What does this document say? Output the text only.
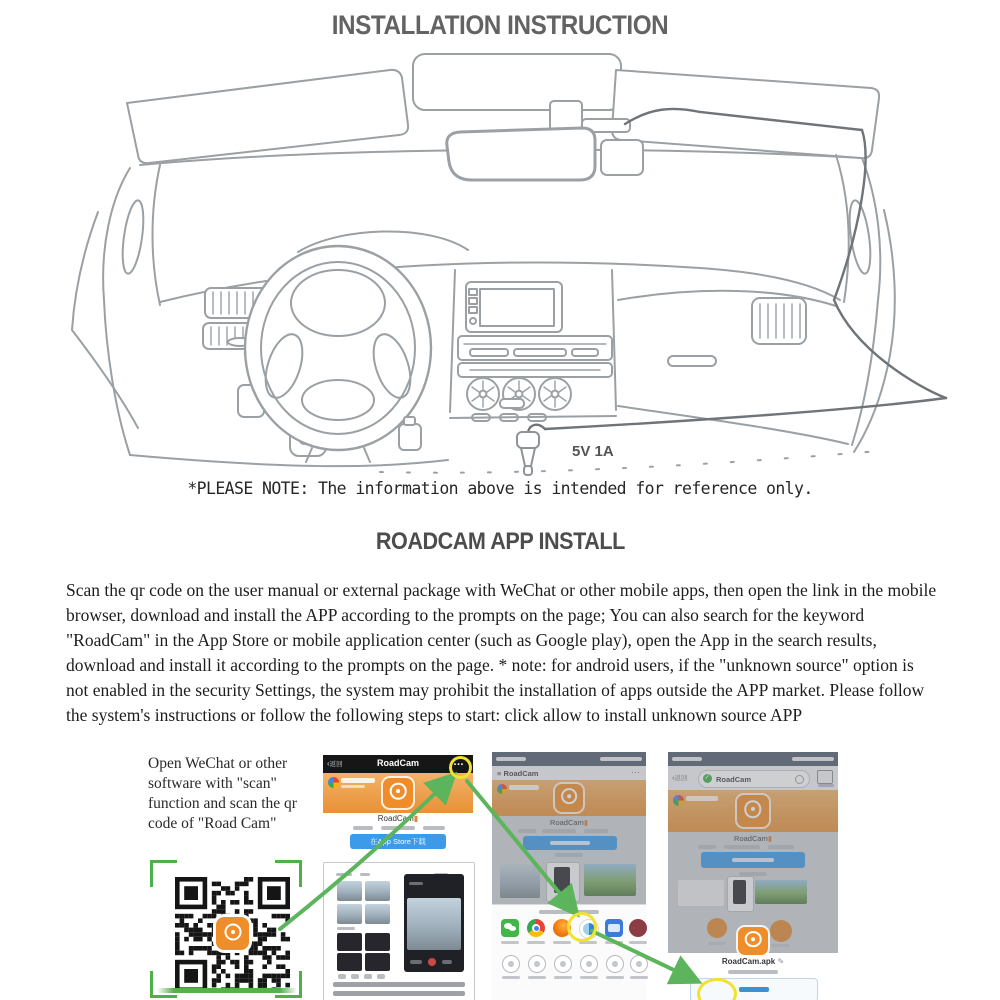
INSTALLATION INSTRUCTION
5V 1A
*PLEASE NOTE: The information above is intended for reference only.
ROADCAM APP INSTALL
Scan the qr code on the user manual or external package with WeChat or other mobile apps, then open the link in the mobile browser, download and install the APP according to the prompts on the page; You can also search for the keyword "RoadCam" in the App Store or mobile application center (such as Google play), open the App in the search results, download and install it according to the prompts on the page. * note: for android users, if the "unknown source" option is not enabled in the security Settings, the system may prohibit the installation of apps outside the APP market. Please follow the system's instructions or follow the following steps to start: click allow to install unknown source APP
Open WeChat or other software with "scan" function and scan the qr code of "Road Cam"
‹返回	RoadCam	…
RoadCam▮
在App Store下载
≡ RoadCam	⋯
RoadCam▮
‹返回 ✓ RoadCam
RoadCam▮
RoadCam.apk ✎
